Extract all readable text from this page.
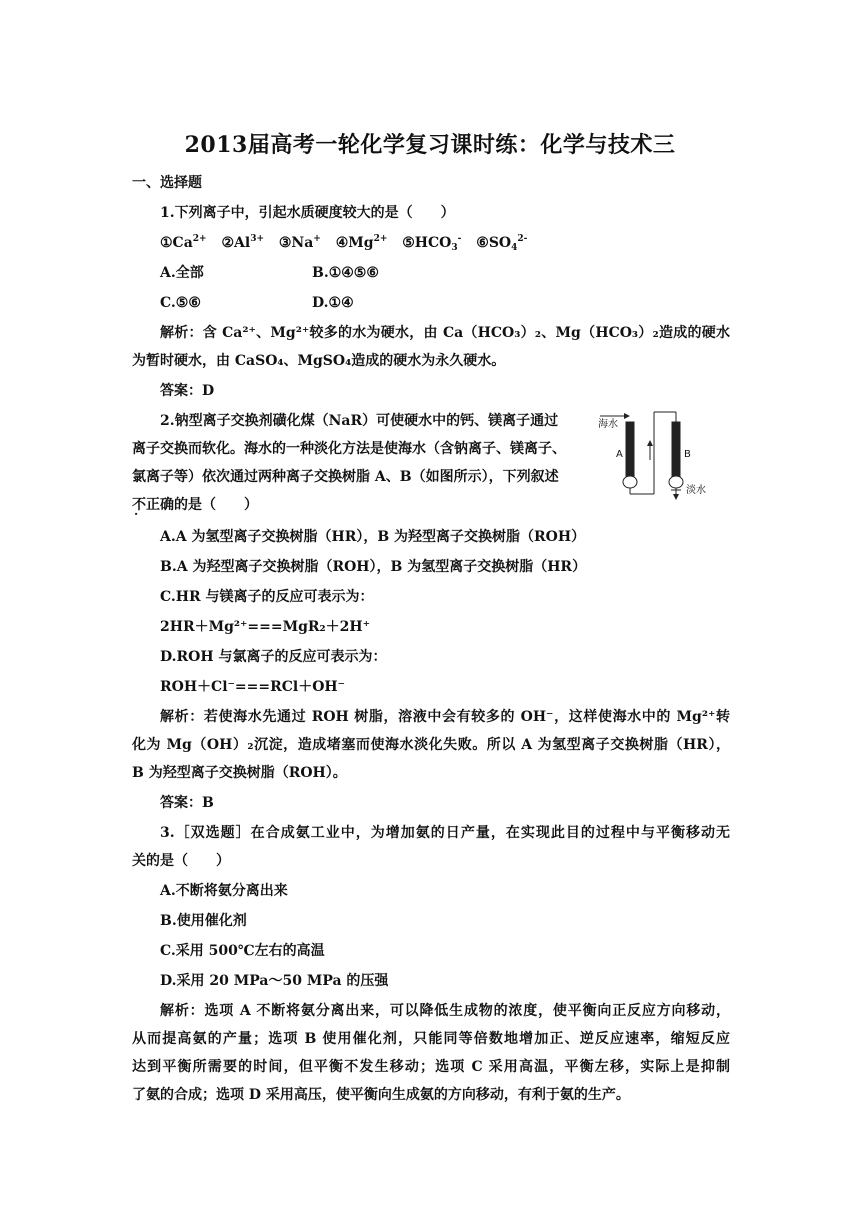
2013届高考一轮化学复习课时练：化学与技术三
一、选择题
1.下列离子中，引起水质硬度较大的是（　　）
$①Ca^{2+}$ $②Al^{3+}$ ③Na+ $④Mg^{2+}$ $⑤HCO_3^-$ $⑥SO_4^{2-}$
A.全部	B.①④⑤⑥
C.⑤⑥	D.①④
解析：含 Ca²⁺、Mg²⁺较多的水为硬水，由 Ca（HCO₃）₂、Mg（HCO₃）₂造成的硬水
为暂时硬水，由 CaSO₄、MgSO₄造成的硬水为永久硬水。
答案：D
2.钠型离子交换剂磺化煤（NaR）可使硬水中的钙、镁离子通过
离子交换而软化。海水的一种淡化方法是使海水（含钠离子、镁离子、
氯离子等）依次通过两种离子交换树脂 A、B（如图所示），下列叙述
不正确的是（　　）
海水
A	B
淡水
A.A 为氢型离子交换树脂（HR），B 为羟型离子交换树脂（ROH）
B.A 为羟型离子交换树脂（ROH），B 为氢型离子交换树脂（HR）
C.HR 与镁离子的反应可表示为：
2HR＋Mg²⁺===MgR₂＋2H⁺
D.ROH 与氯离子的反应可表示为：
ROH＋Cl⁻===RCl＋OH⁻
解析：若使海水先通过 ROH 树脂，溶液中会有较多的 OH⁻，这样使海水中的 Mg²⁺转
化为 Mg（OH）₂沉淀，造成堵塞而使海水淡化失败。所以 A 为氢型离子交换树脂（HR），
B 为羟型离子交换树脂（ROH）。
答案：B
3.［双选题］在合成氨工业中，为增加氨的日产量，在实现此目的过程中与平衡移动无
关的是（　　）
A.不断将氨分离出来
B.使用催化剂
C.采用 500℃左右的高温
D.采用 20 MPa～50 MPa 的压强
解析：选项 A 不断将氨分离出来，可以降低生成物的浓度，使平衡向正反应方向移动，
从而提高氨的产量；选项 B 使用催化剂，只能同等倍数地增加正、逆反应速率，缩短反应
达到平衡所需要的时间，但平衡不发生移动；选项 C 采用高温，平衡左移，实际上是抑制
了氨的合成；选项 D 采用高压，使平衡向生成氨的方向移动，有利于氨的生产。
